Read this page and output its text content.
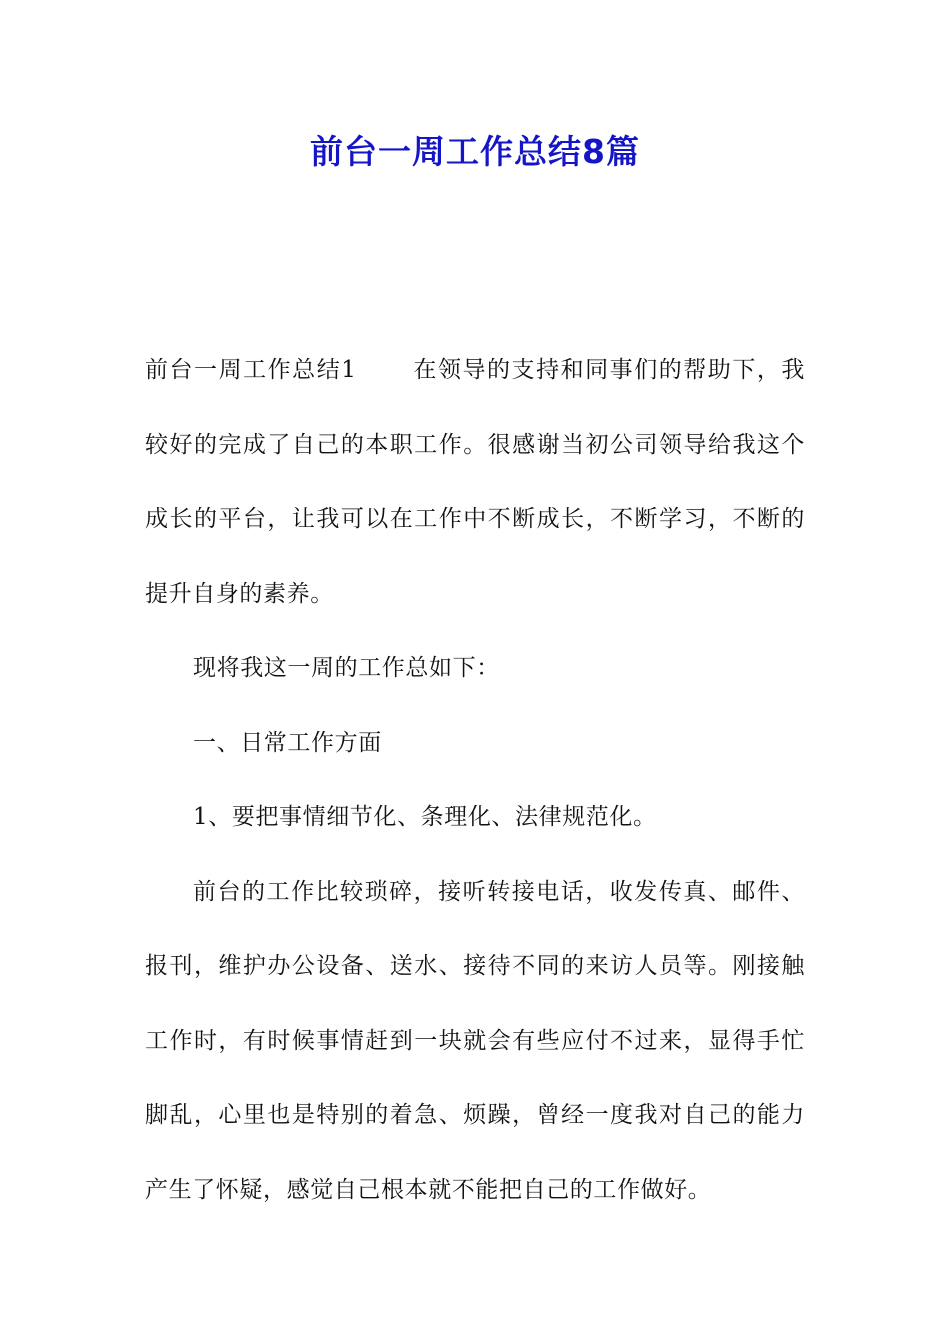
前台一周工作总结8篇

前台一周工作总结1 在领导的支持和同事们的帮助下，我较好的完成了自己的本职工作。很感谢当初公司领导给我这个成长的平台，让我可以在工作中不断成长，不断学习，不断的提升自身的素养。

现将我这一周的工作总如下：

一、日常工作方面

1、要把事情细节化、条理化、法律规范化。

前台的工作比较琐碎，接听转接电话，收发传真、邮件、报刊，维护办公设备、送水、接待不同的来访人员等。刚接触工作时，有时候事情赶到一块就会有些应付不过来，显得手忙脚乱，心里也是特别的着急、烦躁，曾经一度我对自己的能力产生了怀疑，感觉自己根本就不能把自己的工作做好。
